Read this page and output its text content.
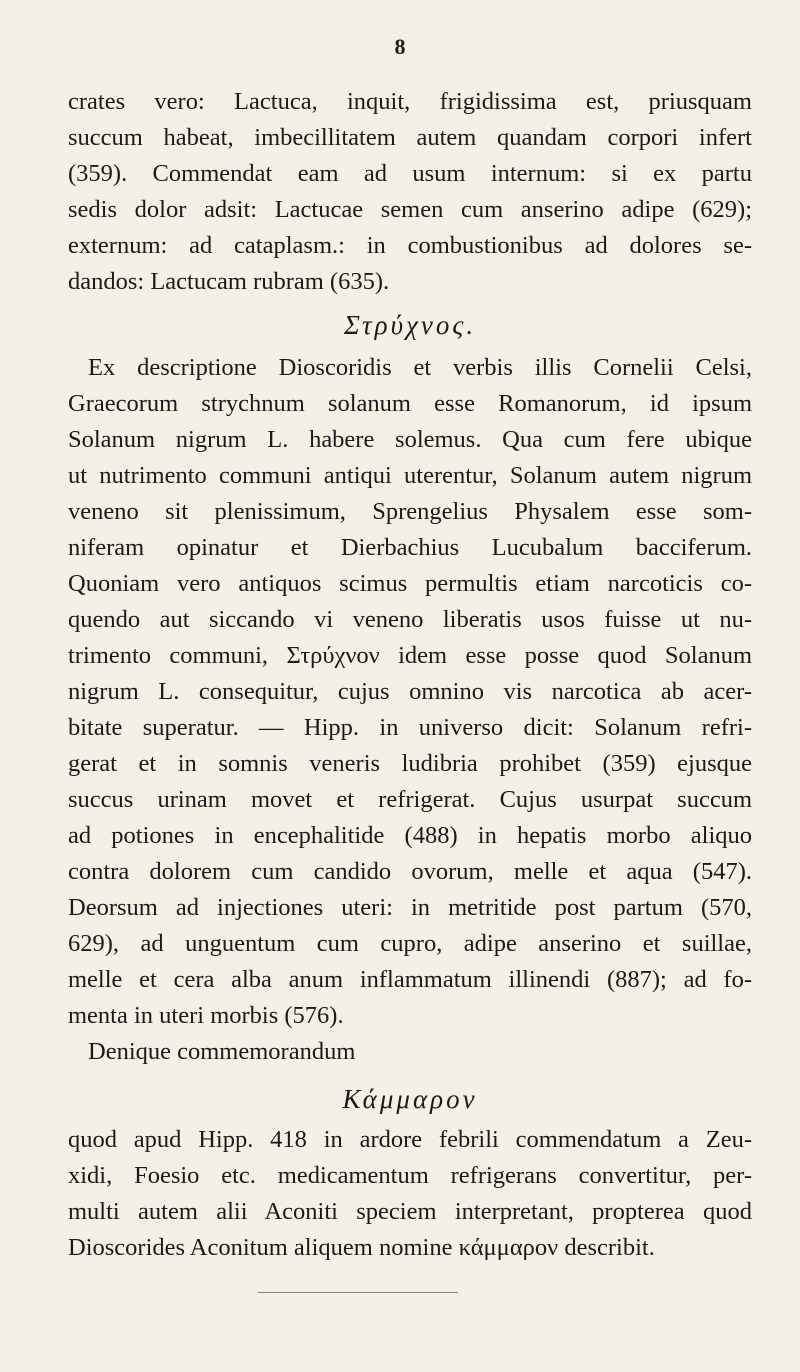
8
crates vero: Lactuca, inquit, frigidissima est, priusquam
succum habeat, imbecillitatem autem quandam corpori infert
(359). Commendat eam ad usum internum: si ex partu
sedis dolor adsit: Lactucae semen cum anserino adipe (629);
externum: ad cataplasm.: in combustionibus ad dolores se-
dandos: Lactucam rubram (635).
Στρύχνος.
Ex descriptione Dioscoridis et verbis illis Cornelii Celsi,
Graecorum strychnum solanum esse Romanorum, id ipsum
Solanum nigrum L. habere solemus. Qua cum fere ubique
ut nutrimento communi antiqui uterentur, Solanum autem nigrum
veneno sit plenissimum, Sprengelius Physalem esse som-
niferam opinatur et Dierbachius Lucubalum bacciferum.
Quoniam vero antiquos scimus permultis etiam narcoticis co-
quendo aut siccando vi veneno liberatis usos fuisse ut nu-
trimento communi, Στρύχνον idem esse posse quod Solanum
nigrum L. consequitur, cujus omnino vis narcotica ab acer-
bitate superatur. — Hipp. in universo dicit: Solanum refri-
gerat et in somnis veneris ludibria prohibet (359) ejusque
succus urinam movet et refrigerat. Cujus usurpat succum
ad potiones in encephalitide (488) in hepatis morbo aliquo
contra dolorem cum candido ovorum, melle et aqua (547).
Deorsum ad injectiones uteri: in metritide post partum (570,
629), ad unguentum cum cupro, adipe anserino et suillae,
melle et cera alba anum inflammatum illinendi (887); ad fo-
menta in uteri morbis (576).
Denique commemorandum
Κάμμαρον
quod apud Hipp. 418 in ardore febrili commendatum a Zeu-
xidi, Foesio etc. medicamentum refrigerans convertitur, per-
multi autem alii Aconiti speciem interpretant, propterea quod
Dioscorides Aconitum aliquem nomine κάμμαρον describit.
